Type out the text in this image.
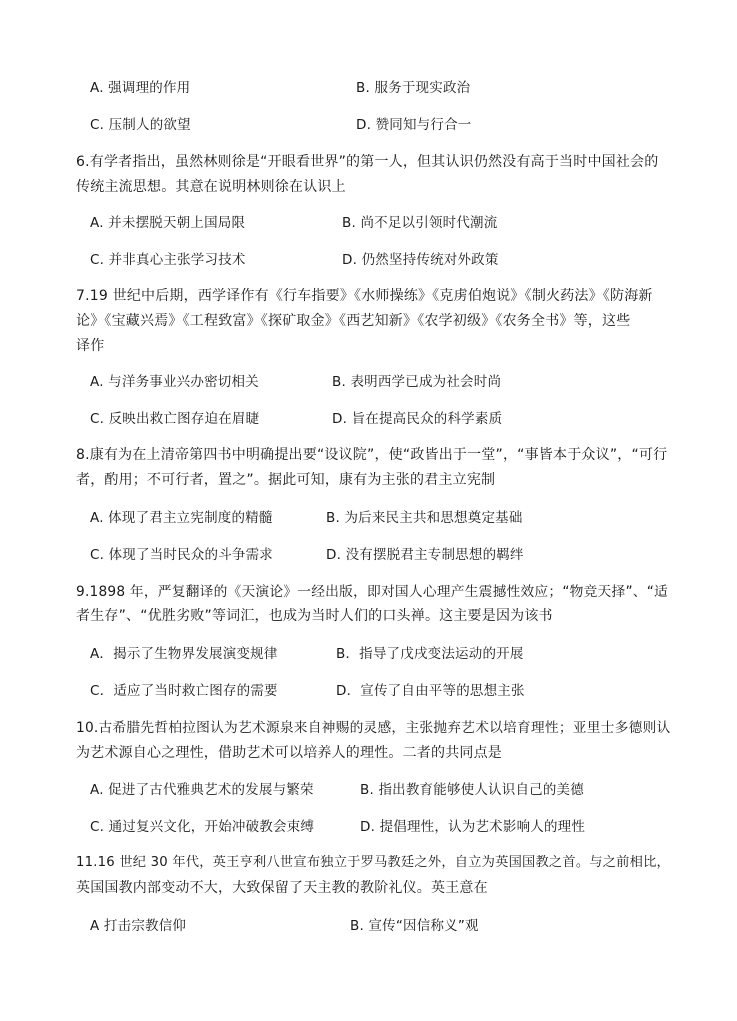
A. 强调理的作用	B. 服务于现实政治
C. 压制人的欲望	D. 赞同知与行合一
6.有学者指出，虽然林则徐是“开眼看世界”的第一人，但其认识仍然没有高于当时中国社会的
传统主流思想。其意在说明林则徐在认识上
A. 并未摆脱天朝上国局限	B. 尚不足以引领时代潮流
C. 并非真心主张学习技术	D. 仍然坚持传统对外政策
7.19 世纪中后期，西学译作有《行车指要》《水师操练》《克虏伯炮说》《制火药法》《防海新
论》《宝藏兴焉》《工程致富》《探矿取金》《西艺知新》《农学初级》《农务全书》等，这些
译作
A. 与洋务事业兴办密切相关	B. 表明西学已成为社会时尚
C. 反映出救亡图存迫在眉睫	D. 旨在提高民众的科学素质
8.康有为在上清帝第四书中明确提出要“设议院”，使“政皆出于一堂”，“事皆本于众议”，“可行
者，酌用；不可行者，置之”。据此可知，康有为主张的君主立宪制
A. 体现了君主立宪制度的精髓	B. 为后来民主共和思想奠定基础
C. 体现了当时民众的斗争需求	D. 没有摆脱君主专制思想的羁绊
9.1898 年，严复翻译的《天演论》一经出版，即对国人心理产生震撼性效应；“物竞天择”、“适
者生存”、“优胜劣败”等词汇，也成为当时人们的口头禅。这主要是因为该书
A．揭示了生物界发展演变规律	B．指导了戊戌变法运动的开展
C．适应了当时救亡图存的需要	D．宣传了自由平等的思想主张
10.古希腊先哲柏拉图认为艺术源泉来自神赐的灵感，主张抛弃艺术以培育理性；亚里士多德则认
为艺术源自心之理性，借助艺术可以培养人的理性。二者的共同点是
A. 促进了古代雅典艺术的发展与繁荣	B. 指出教育能够使人认识自己的美德
C. 通过复兴文化，开始冲破教会束缚	D. 提倡理性，认为艺术影响人的理性
11.16 世纪 30 年代，英王亨利八世宣布独立于罗马教廷之外，自立为英国国教之首。与之前相比，
英国国教内部变动不大，大致保留了天主教的教阶礼仪。英王意在
A 打击宗教信仰	B. 宣传“因信称义”观
